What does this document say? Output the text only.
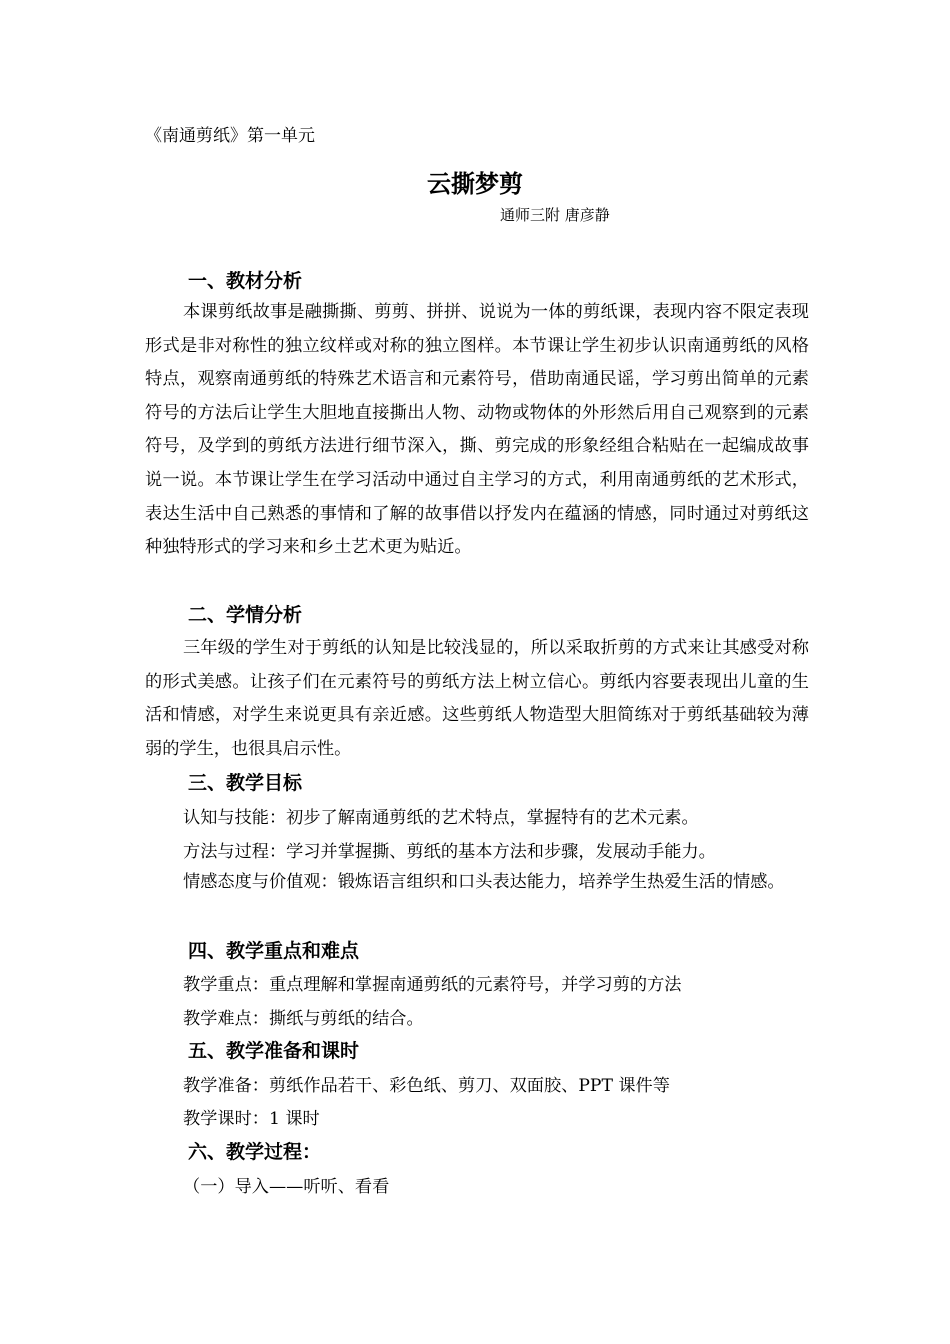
《南通剪纸》第一单元
云撕梦剪
通师三附 唐彦静
一、教材分析

本课剪纸故事是融撕撕、剪剪、拼拼、说说为一体的剪纸课，表现内容不限定表现形式是非对称性的独立纹样或对称的独立图样。本节课让学生初步认识南通剪纸的风格特点，观察南通剪纸的特殊艺术语言和元素符号，借助南通民谣，学习剪出简单的元素符号的方法后让学生大胆地直接撕出人物、动物或物体的外形然后用自己观察到的元素符号，及学到的剪纸方法进行细节深入，撕、剪完成的形象经组合粘贴在一起编成故事说一说。本节课让学生在学习活动中通过自主学习的方式，利用南通剪纸的艺术形式，表达生活中自己熟悉的事情和了解的故事借以抒发内在蕴涵的情感，同时通过对剪纸这种独特形式的学习来和乡土艺术更为贴近。

二、学情分析

三年级的学生对于剪纸的认知是比较浅显的，所以采取折剪的方式来让其感受对称的形式美感。让孩子们在元素符号的剪纸方法上树立信心。剪纸内容要表现出儿童的生活和情感，对学生来说更具有亲近感。这些剪纸人物造型大胆简练对于剪纸基础较为薄弱的学生，也很具启示性。

三、教学目标
认知与技能：初步了解南通剪纸的艺术特点，掌握特有的艺术元素。
方法与过程：学习并掌握撕、剪纸的基本方法和步骤，发展动手能力。

情感态度与价值观：锻炼语言组织和口头表达能力，培养学生热爱生活的情感。

四、教学重点和难点
教学重点：重点理解和掌握南通剪纸的元素符号，并学习剪的方法
教学难点：撕纸与剪纸的结合。
五、教学准备和课时
教学准备：剪纸作品若干、彩色纸、剪刀、双面胶、PPT 课件等
教学课时：1 课时
六、教学过程：
（一）导入——听听、看看
